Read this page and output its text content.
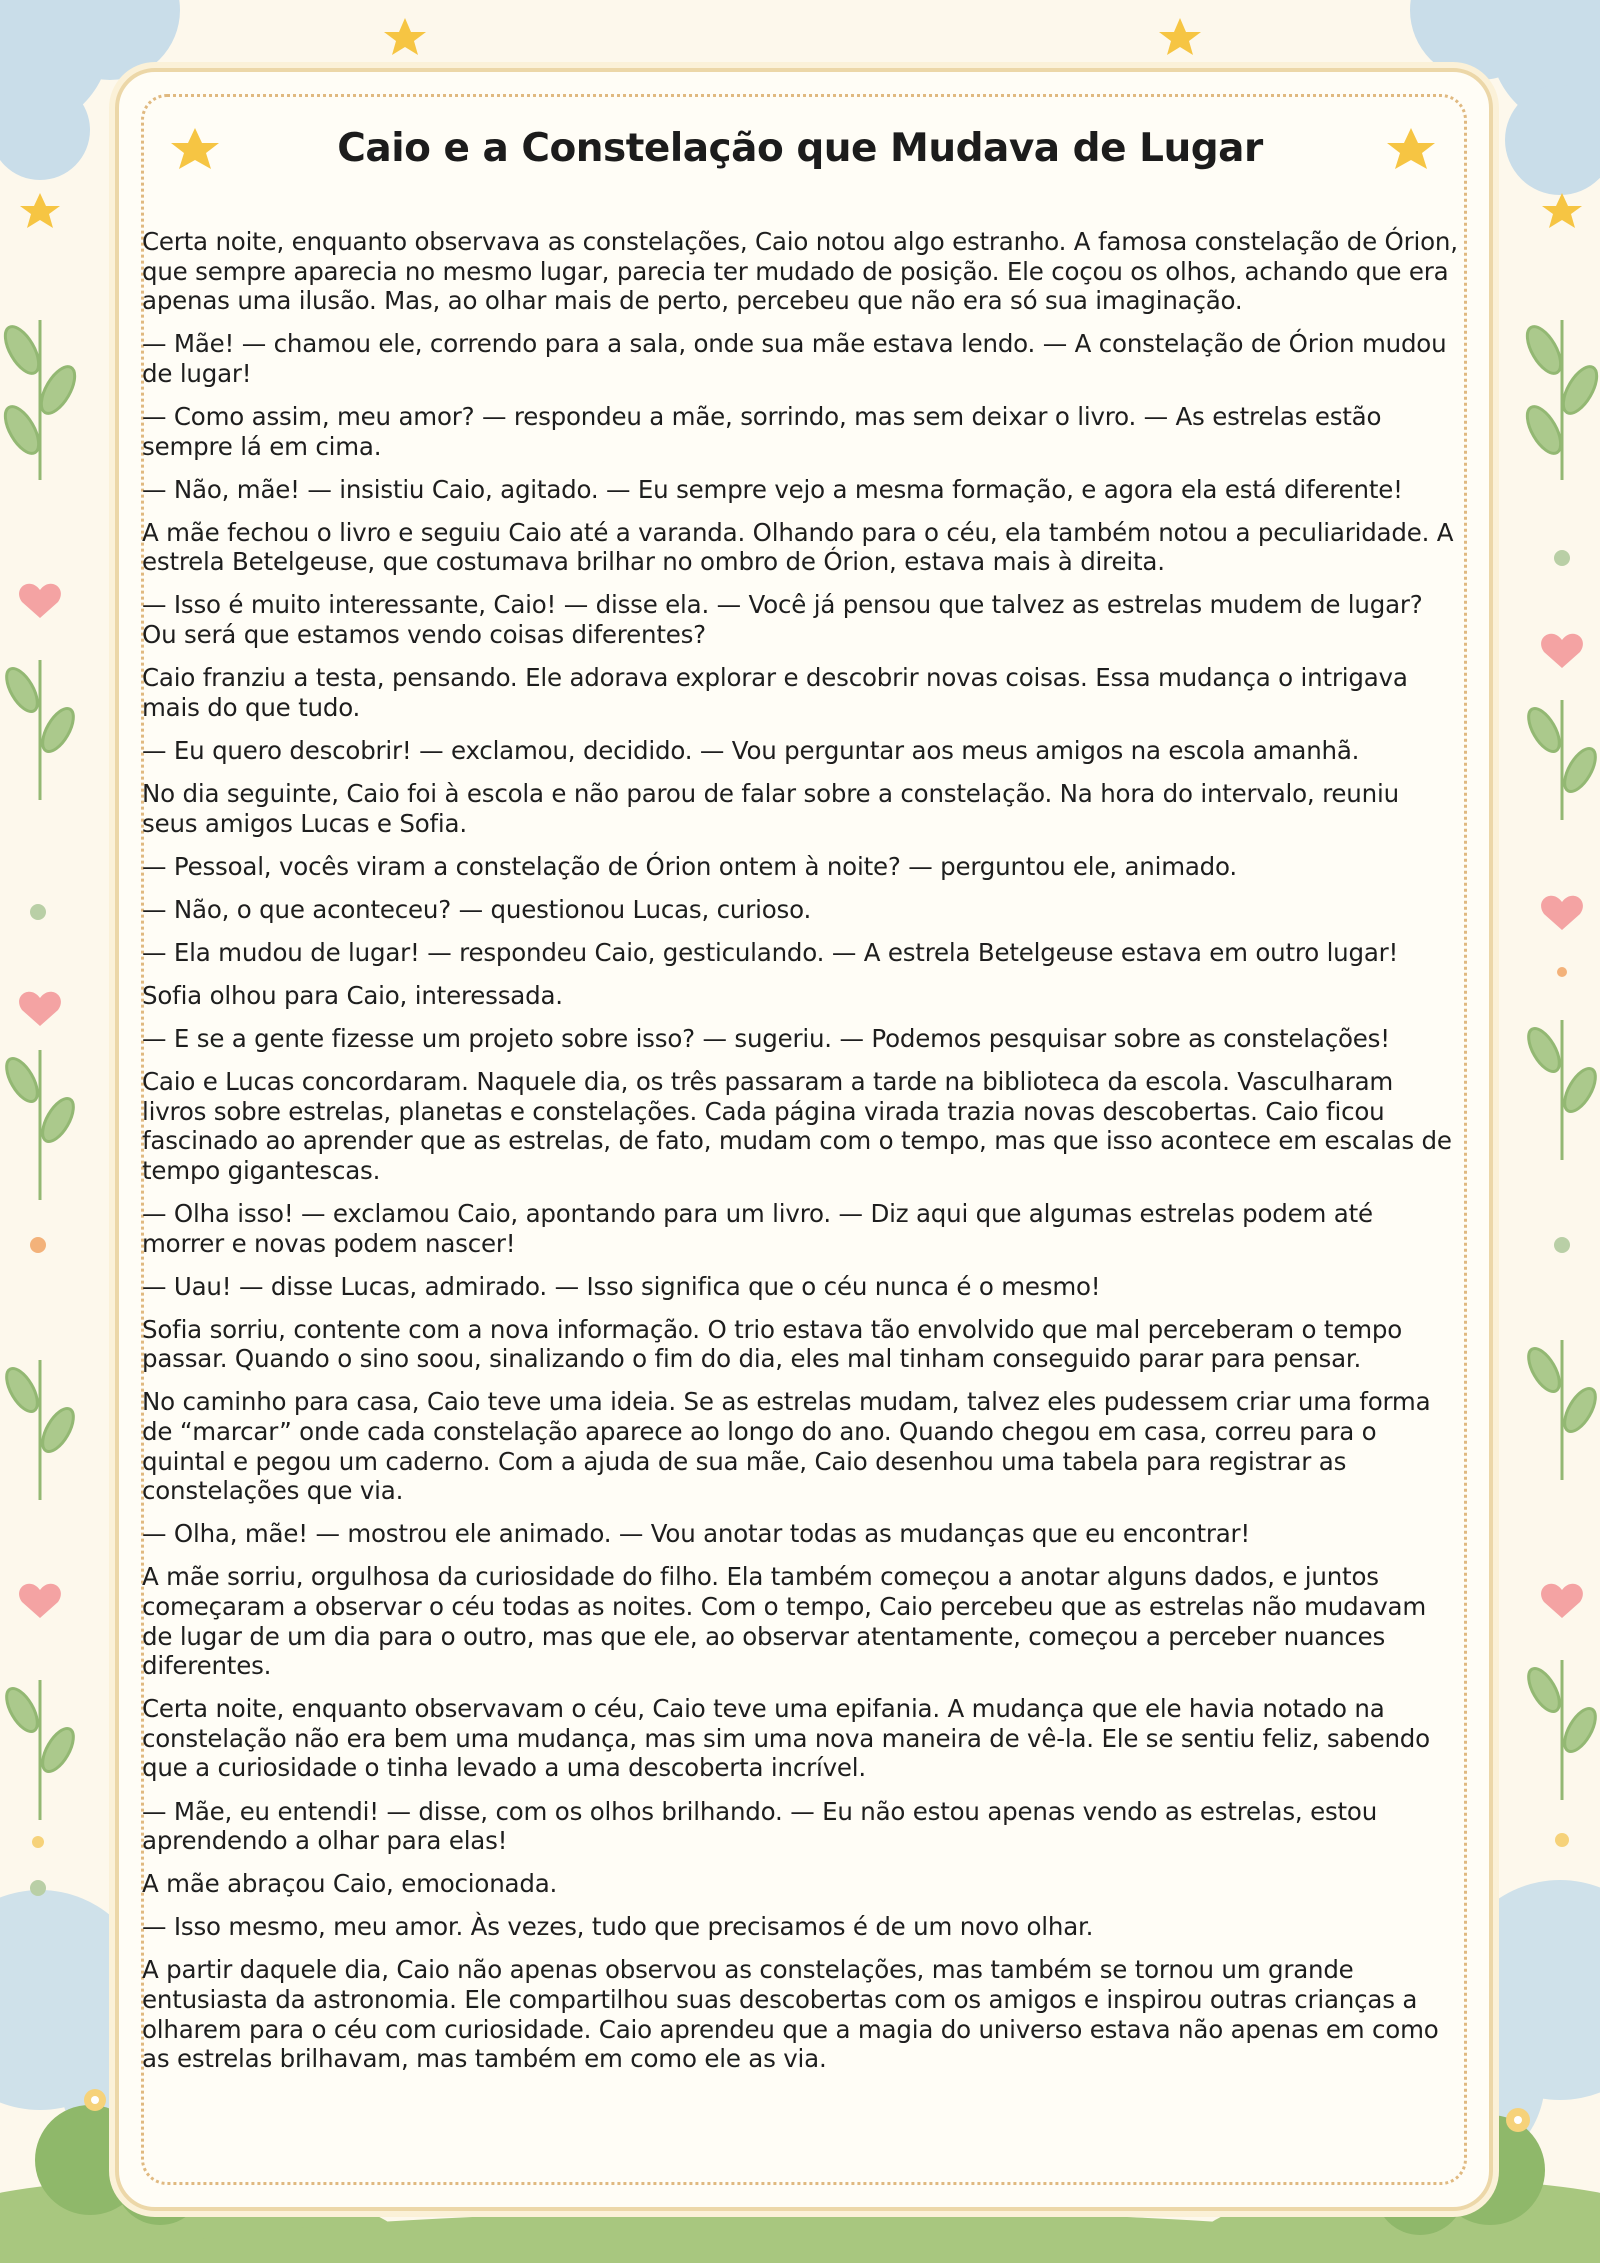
Caio e a Constelação que Mudava de Lugar

Certa noite, enquanto observava as constelações, Caio notou algo estranho. A famosa constelação de Órion, que sempre aparecia no mesmo lugar, parecia ter mudado de posição. Ele coçou os olhos, achando que era apenas uma ilusão. Mas, ao olhar mais de perto, percebeu que não era só sua imaginação.

— Mãe! — chamou ele, correndo para a sala, onde sua mãe estava lendo. — A constelação de Órion mudou de lugar!

— Como assim, meu amor? — respondeu a mãe, sorrindo, mas sem deixar o livro. — As estrelas estão sempre lá em cima.

— Não, mãe! — insistiu Caio, agitado. — Eu sempre vejo a mesma formação, e agora ela está diferente!

A mãe fechou o livro e seguiu Caio até a varanda. Olhando para o céu, ela também notou a peculiaridade. A estrela Betelgeuse, que costumava brilhar no ombro de Órion, estava mais à direita.

— Isso é muito interessante, Caio! — disse ela. — Você já pensou que talvez as estrelas mudem de lugar? Ou será que estamos vendo coisas diferentes?

Caio franziu a testa, pensando. Ele adorava explorar e descobrir novas coisas. Essa mudança o intrigava mais do que tudo.

— Eu quero descobrir! — exclamou, decidido. — Vou perguntar aos meus amigos na escola amanhã.

No dia seguinte, Caio foi à escola e não parou de falar sobre a constelação. Na hora do intervalo, reuniu seus amigos Lucas e Sofia.

— Pessoal, vocês viram a constelação de Órion ontem à noite? — perguntou ele, animado.

— Não, o que aconteceu? — questionou Lucas, curioso.

— Ela mudou de lugar! — respondeu Caio, gesticulando. — A estrela Betelgeuse estava em outro lugar!

Sofia olhou para Caio, interessada.

— E se a gente fizesse um projeto sobre isso? — sugeriu. — Podemos pesquisar sobre as constelações!

Caio e Lucas concordaram. Naquele dia, os três passaram a tarde na biblioteca da escola. Vasculharam livros sobre estrelas, planetas e constelações. Cada página virada trazia novas descobertas. Caio ficou fascinado ao aprender que as estrelas, de fato, mudam com o tempo, mas que isso acontece em escalas de tempo gigantescas.

— Olha isso! — exclamou Caio, apontando para um livro. — Diz aqui que algumas estrelas podem até morrer e novas podem nascer!

— Uau! — disse Lucas, admirado. — Isso significa que o céu nunca é o mesmo!

Sofia sorriu, contente com a nova informação. O trio estava tão envolvido que mal perceberam o tempo passar. Quando o sino soou, sinalizando o fim do dia, eles mal tinham conseguido parar para pensar.

No caminho para casa, Caio teve uma ideia. Se as estrelas mudam, talvez eles pudessem criar uma forma de “marcar” onde cada constelação aparece ao longo do ano. Quando chegou em casa, correu para o quintal e pegou um caderno. Com a ajuda de sua mãe, Caio desenhou uma tabela para registrar as constelações que via.

— Olha, mãe! — mostrou ele animado. — Vou anotar todas as mudanças que eu encontrar!

A mãe sorriu, orgulhosa da curiosidade do filho. Ela também começou a anotar alguns dados, e juntos começaram a observar o céu todas as noites. Com o tempo, Caio percebeu que as estrelas não mudavam de lugar de um dia para o outro, mas que ele, ao observar atentamente, começou a perceber nuances diferentes.

Certa noite, enquanto observavam o céu, Caio teve uma epifania. A mudança que ele havia notado na constelação não era bem uma mudança, mas sim uma nova maneira de vê-la. Ele se sentiu feliz, sabendo que a curiosidade o tinha levado a uma descoberta incrível.

— Mãe, eu entendi! — disse, com os olhos brilhando. — Eu não estou apenas vendo as estrelas, estou aprendendo a olhar para elas!

A mãe abraçou Caio, emocionada.

— Isso mesmo, meu amor. Às vezes, tudo que precisamos é de um novo olhar.

A partir daquele dia, Caio não apenas observou as constelações, mas também se tornou um grande entusiasta da astronomia. Ele compartilhou suas descobertas com os amigos e inspirou outras crianças a olharem para o céu com curiosidade. Caio aprendeu que a magia do universo estava não apenas em como as estrelas brilhavam, mas também em como ele as via.
